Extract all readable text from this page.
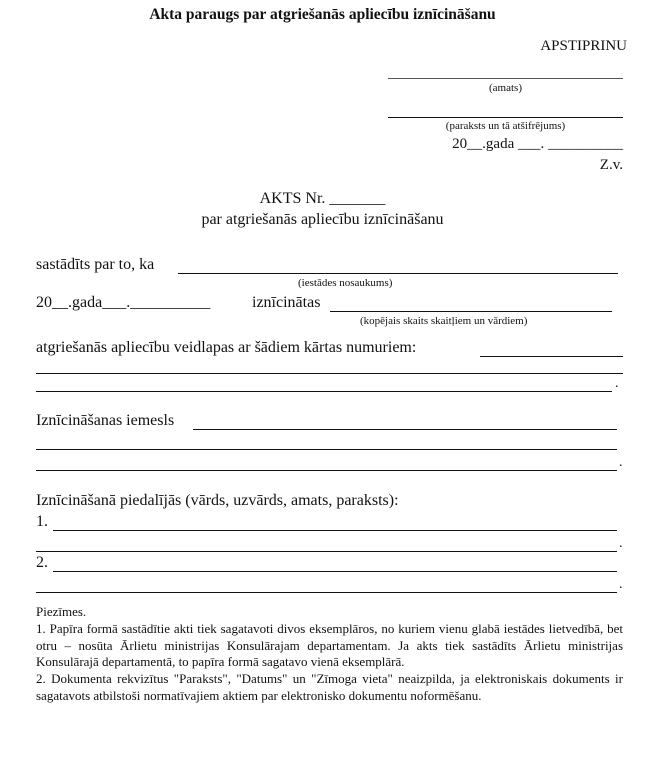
Akta paraugs par atgriešanās apliecību iznīcināšanu
APSTIPRINU
(amats)
(paraksts un tā atšifrējums)
20__.gada ___. __________
Z.v.
AKTS Nr. _______
par atgriešanās apliecību iznīcināšanu
sastādīts par to, ka
(iestādes nosaukums)
20__.gada___.__________	iznīcinātas
(kopējais skaits skaitļiem un vārdiem)
atgriešanās apliecību veidlapas ar šādiem kārtas numuriem:
.
Iznīcināšanas iemesls
.
Iznīcināšanā piedalījās (vārds, uzvārds, amats, paraksts):
1.
.
2.
.

Piezīmes.

1. Papīra formā sastādītie akti tiek sagatavoti divos eksemplāros, no kuriem vienu glabā iestādes lietvedībā, bet otru – nosūta Ārlietu ministrijas Konsulārajam departamentam. Ja akts tiek sastādīts Ārlietu ministrijas Konsulārajā departamentā, to papīra formā sagatavo vienā eksemplārā.

2. Dokumenta rekvizītus "Paraksts", "Datums" un "Zīmoga vieta" neaizpilda, ja elektroniskais dokuments ir sagatavots atbilstoši normatīvajiem aktiem par elektronisko dokumentu noformēšanu.
